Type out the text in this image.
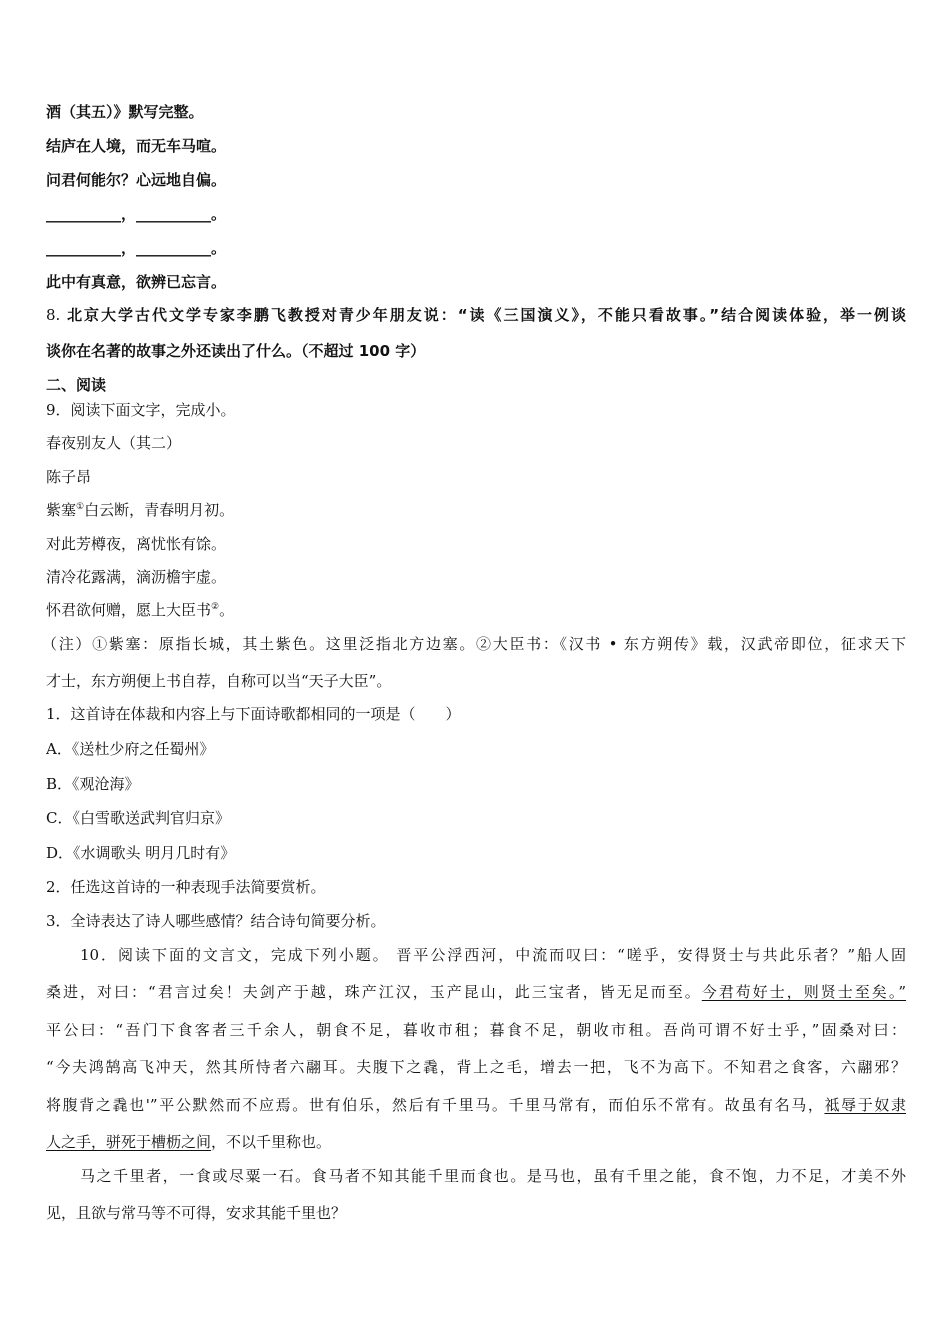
酒（其五）》默写完整。
结庐在人境，而无车马喧。
问君何能尔？心远地自偏。
__________，__________。
__________，__________。
此中有真意，欲辨已忘言。
8. 北京大学古代文学专家李鹏飞教授对青少年朋友说：“读《三国演义》，不能只看故事。”结合阅读体验，举一例谈
谈你在名著的故事之外还读出了什么。（不超过 100 字）
二、阅读
9．阅读下面文字，完成小。
春夜别友人（其二）
陈子昂
紫塞①白云断，青春明月初。
对此芳樽夜，离忧怅有馀。
清冷花露满，滴沥檐宇虚。
怀君欲何赠，愿上大臣书②。
（注）①紫塞：原指长城，其土紫色。这里泛指北方边塞。②大臣书：《汉书 • 东方朔传》载，汉武帝即位，征求天下
才士，东方朔便上书自荐，自称可以当“天子大臣”。
1．这首诗在体裁和内容上与下面诗歌都相同的一项是（　　）
A．《送杜少府之任蜀州》
B．《观沧海》
C．《白雪歌送武判官归京》
D．《水调歌头 明月几时有》
2．任选这首诗的一种表现手法简要赏析。
3．全诗表达了诗人哪些感情？结合诗句简要分析。
10．阅读下面的文言文，完成下列小题。 晋平公浮西河，中流而叹曰：“嗟乎，安得贤士与共此乐者？”船人固
桑进，对曰：“君言过矣！夫剑产于越，珠产江汉，玉产昆山，此三宝者，皆无足而至。今君苟好士，则贤士至矣。”
平公曰：“吾门下食客者三千余人，朝食不足，暮收市租；暮食不足，朝收市租。吾尚可谓不好士乎，”固桑对曰：
“今夫鸿鹄高飞冲天，然其所恃者六翮耳。夫腹下之毳，背上之毛，增去一把，飞不为高下。不知君之食客，六翮邪？
将腹背之毳也'”平公默然而不应焉。世有伯乐，然后有千里马。千里马常有，而伯乐不常有。故虽有名马，祗辱于奴隶
人之手，骈死于槽枥之间，不以千里称也。
马之千里者，一食或尽粟一石。食马者不知其能千里而食也。是马也，虽有千里之能，食不饱，力不足，才美不外
见，且欲与常马等不可得，安求其能千里也？
